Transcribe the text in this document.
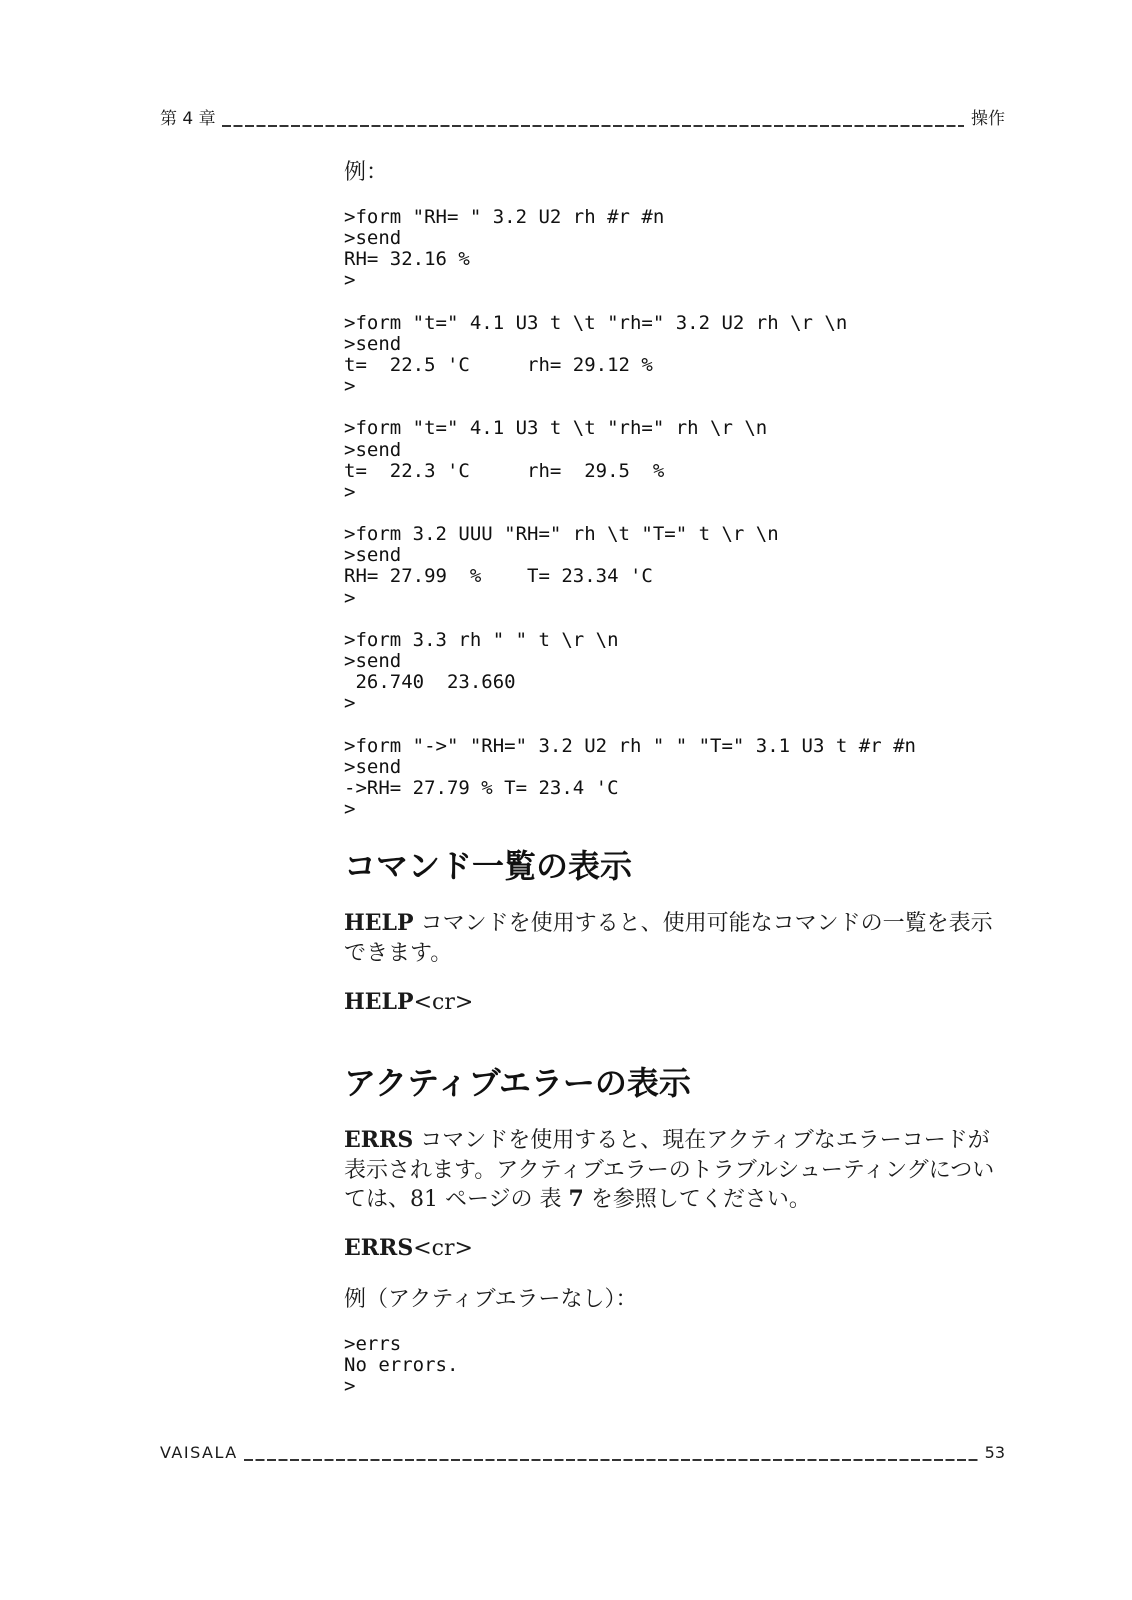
第 4 章	操作
例：
>form "RH= " 3.2 U2 rh #r #n
>send
RH= 32.16 %
>
>form "t=" 4.1 U3 t \t "rh=" 3.2 U2 rh \r \n
>send
t=  22.5 'C     rh= 29.12 %
>
>form "t=" 4.1 U3 t \t "rh=" rh \r \n
>send
t=  22.3 'C     rh=  29.5  %
>
>form 3.2 UUU "RH=" rh \t "T=" t \r \n
>send
RH= 27.99  %    T= 23.34 'C
>
>form 3.3 rh " " t \r \n
>send
26.740  23.660
>
>form "->" "RH=" 3.2 U2 rh " " "T=" 3.1 U3 t #r #n
>send
->RH= 27.79 % T= 23.4 'C
>
コマンド一覧の表示
HELP コマンドを使用すると、使用可能なコマンドの一覧を表示できます。
HELP<cr>
アクティブエラーの表示
ERRS コマンドを使用すると、現在アクティブなエラーコードが表示されます。アクティブエラーのトラブルシューティングについては、81 ページの 表 7 を参照してください。
ERRS<cr>
例（アクティブエラーなし）：
>errs
No errors.
>
VAISALA	53
